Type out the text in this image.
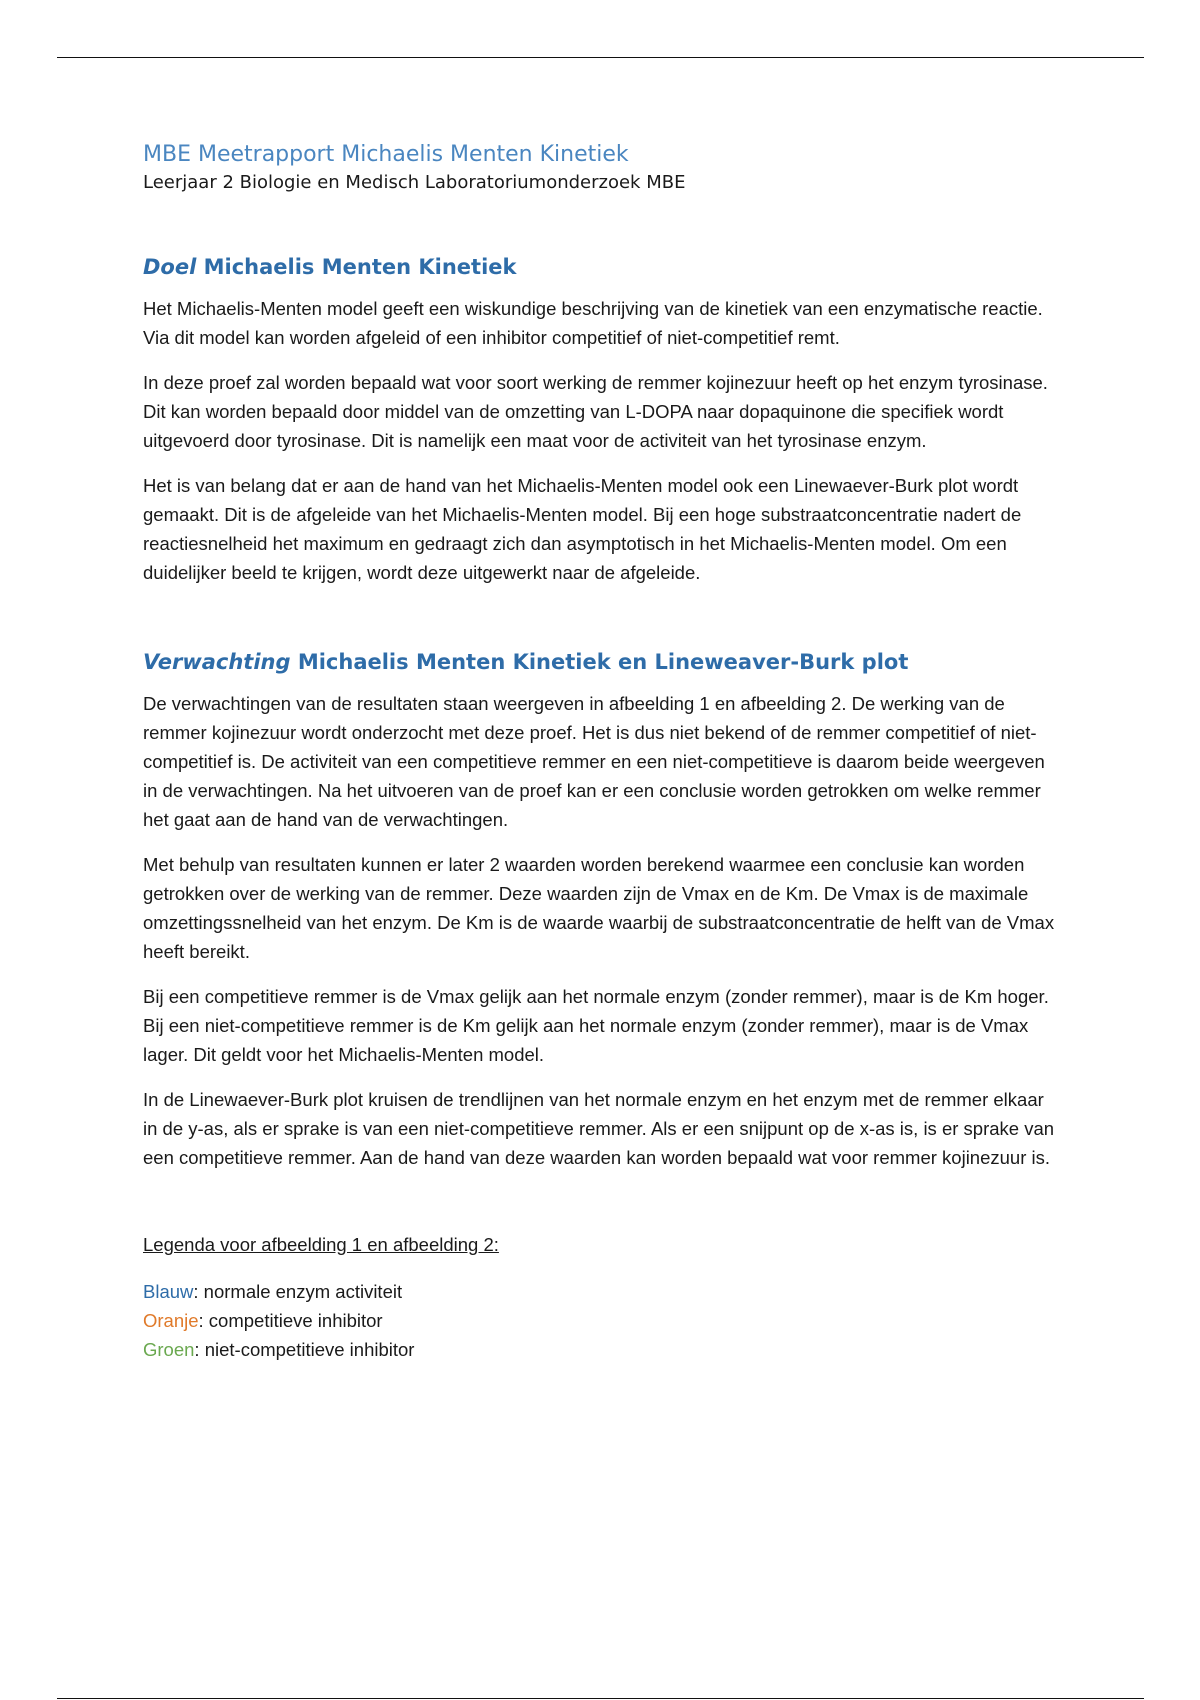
MBE Meetrapport Michaelis Menten Kinetiek
Leerjaar 2 Biologie en Medisch Laboratoriumonderzoek MBE
Doel Michaelis Menten Kinetiek

Het Michaelis-Menten model geeft een wiskundige beschrijving van de kinetiek van een enzymatische reactie. Via dit model kan worden afgeleid of een inhibitor competitief of niet-competitief remt.

In deze proef zal worden bepaald wat voor soort werking de remmer kojinezuur heeft op het enzym tyrosinase. Dit kan worden bepaald door middel van de omzetting van L-DOPA naar dopaquinone die specifiek wordt uitgevoerd door tyrosinase. Dit is namelijk een maat voor de activiteit van het tyrosinase enzym.

Het is van belang dat er aan de hand van het Michaelis-Menten model ook een Linewaever-Burk plot wordt gemaakt. Dit is de afgeleide van het Michaelis-Menten model. Bij een hoge substraatconcentratie nadert de reactiesnelheid het maximum en gedraagt zich dan asymptotisch in het Michaelis-Menten model. Om een duidelijker beeld te krijgen, wordt deze uitgewerkt naar de afgeleide.

Verwachting Michaelis Menten Kinetiek en Lineweaver-Burk plot

De verwachtingen van de resultaten staan weergeven in afbeelding 1 en afbeelding 2. De werking van de remmer kojinezuur wordt onderzocht met deze proef. Het is dus niet bekend of de remmer competitief of niet-competitief is. De activiteit van een competitieve remmer en een niet-competitieve is daarom beide weergeven in de verwachtingen. Na het uitvoeren van de proef kan er een conclusie worden getrokken om welke remmer het gaat aan de hand van de verwachtingen.

Met behulp van resultaten kunnen er later 2 waarden worden berekend waarmee een conclusie kan worden getrokken over de werking van de remmer. Deze waarden zijn de Vmax en de Km. De Vmax is de maximale omzettingssnelheid van het enzym. De Km is de waarde waarbij de substraatconcentratie de helft van de Vmax heeft bereikt.

Bij een competitieve remmer is de Vmax gelijk aan het normale enzym (zonder remmer), maar is de Km hoger. Bij een niet-competitieve remmer is de Km gelijk aan het normale enzym (zonder remmer), maar is de Vmax lager. Dit geldt voor het Michaelis-Menten model.

In de Linewaever-Burk plot kruisen de trendlijnen van het normale enzym en het enzym met de remmer elkaar in de y-as, als er sprake is van een niet-competitieve remmer. Als er een snijpunt op de x-as is, is er sprake van een competitieve remmer. Aan de hand van deze waarden kan worden bepaald wat voor remmer kojinezuur is.

Legenda voor afbeelding 1 en afbeelding 2:
Blauw: normale enzym activiteit
Oranje: competitieve inhibitor
Groen: niet-competitieve inhibitor
